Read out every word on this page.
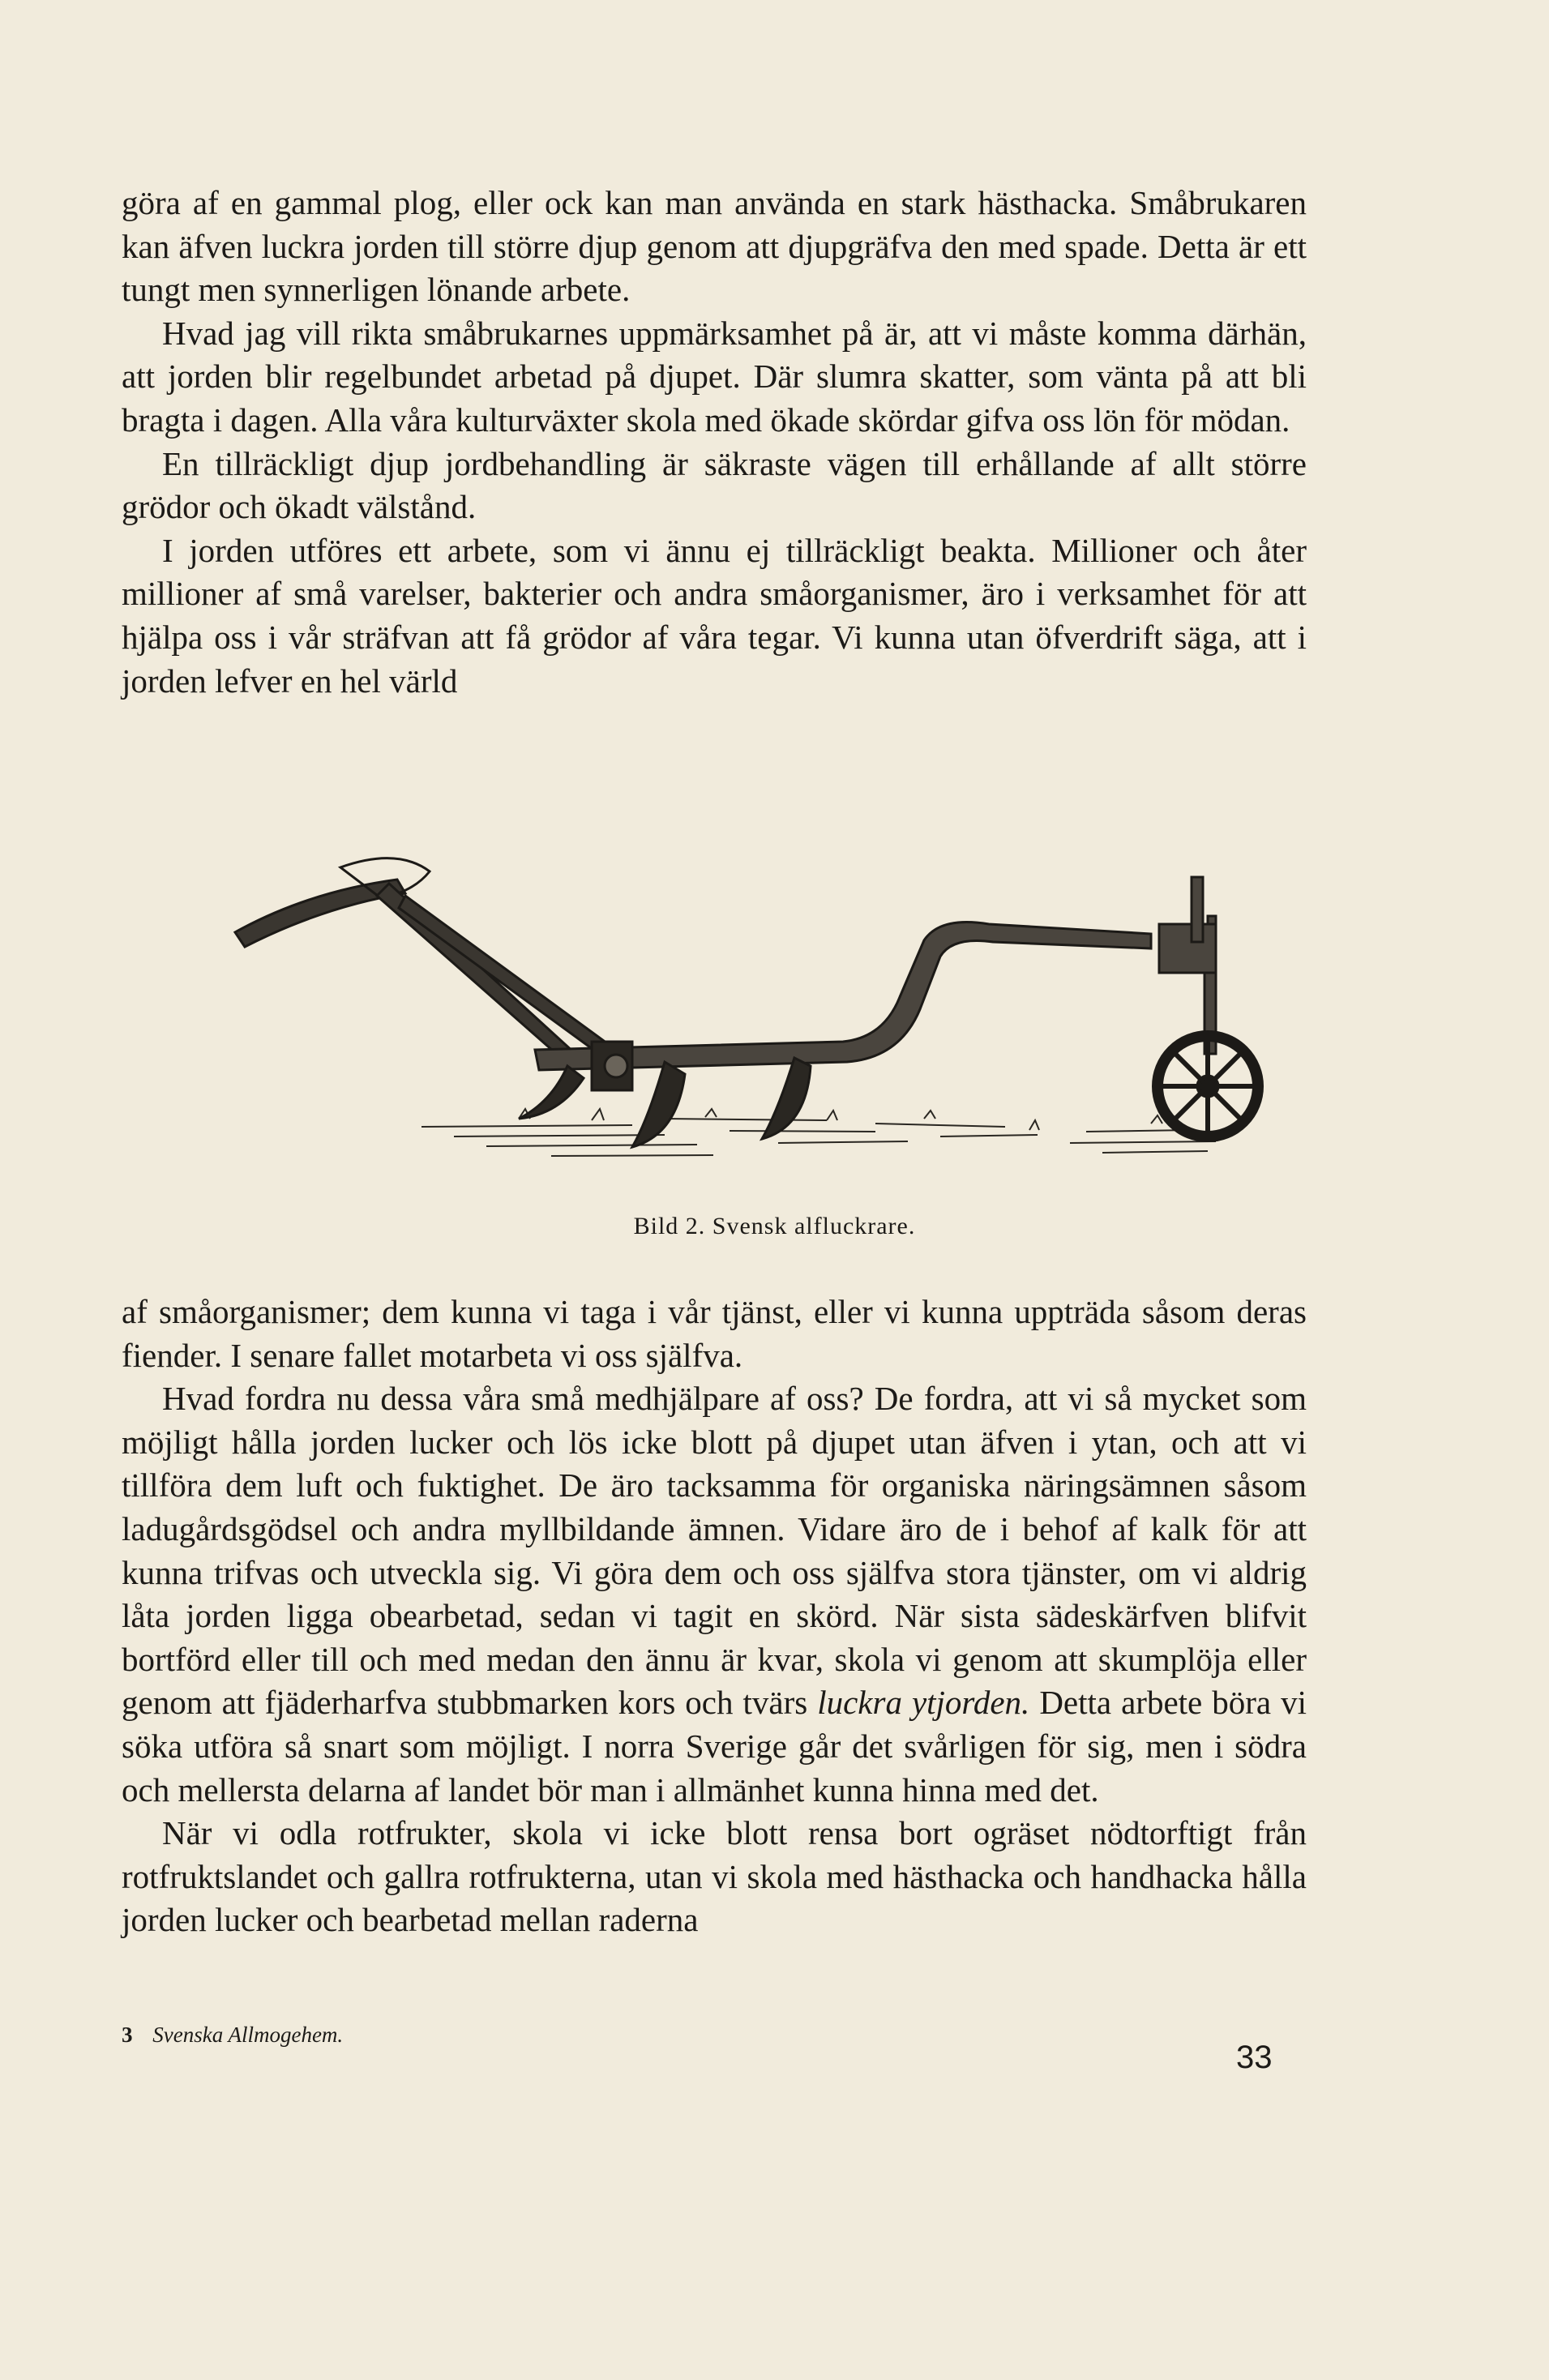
göra af en gammal plog, eller ock kan man använda en stark hästhacka. Småbrukaren kan äfven luckra jorden till större djup genom att djupgräfva den med spade. Detta är ett tungt men synnerligen lönande arbete.

Hvad jag vill rikta småbrukarnes uppmärksamhet på är, att vi måste komma därhän, att jorden blir regelbundet arbetad på djupet. Där slumra skatter, som vänta på att bli bragta i dagen. Alla våra kulturväxter skola med ökade skördar gifva oss lön för mödan.

En tillräckligt djup jordbehandling är säkraste vägen till erhållande af allt större grödor och ökadt välstånd.

I jorden utföres ett arbete, som vi ännu ej tillräckligt beakta. Millioner och åter millioner af små varelser, bakterier och andra småorganismer, äro i verksamhet för att hjälpa oss i vår sträfvan att få grödor af våra tegar. Vi kunna utan öfverdrift säga, att i jorden lefver en hel värld

Bild 2. Svensk alfluckrare.

af småorganismer; dem kunna vi taga i vår tjänst, eller vi kunna uppträda såsom deras fiender. I senare fallet motarbeta vi oss själfva.

Hvad fordra nu dessa våra små medhjälpare af oss? De fordra, att vi så mycket som möjligt hålla jorden lucker och lös icke blott på djupet utan äfven i ytan, och att vi tillföra dem luft och fuktighet. De äro tacksamma för organiska näringsämnen såsom ladugårdsgödsel och andra myllbildande ämnen. Vidare äro de i behof af kalk för att kunna trifvas och utveckla sig. Vi göra dem och oss själfva stora tjänster, om vi aldrig låta jorden ligga obearbetad, sedan vi tagit en skörd. När sista sädeskärfven blifvit bortförd eller till och med medan den ännu är kvar, skola vi genom att skumplöja eller genom att fjäderharfva stubbmarken kors och tvärs luckra ytjorden. Detta arbete böra vi söka utföra så snart som möjligt. I norra Sverige går det svårligen för sig, men i södra och mellersta delarna af landet bör man i allmänhet kunna hinna med det.

När vi odla rotfrukter, skola vi icke blott rensa bort ogräset nödtorftigt från rotfruktslandet och gallra rotfrukterna, utan vi skola med hästhacka och handhacka hålla jorden lucker och bearbetad mellan raderna

3 Svenska Allmogehem.
33
